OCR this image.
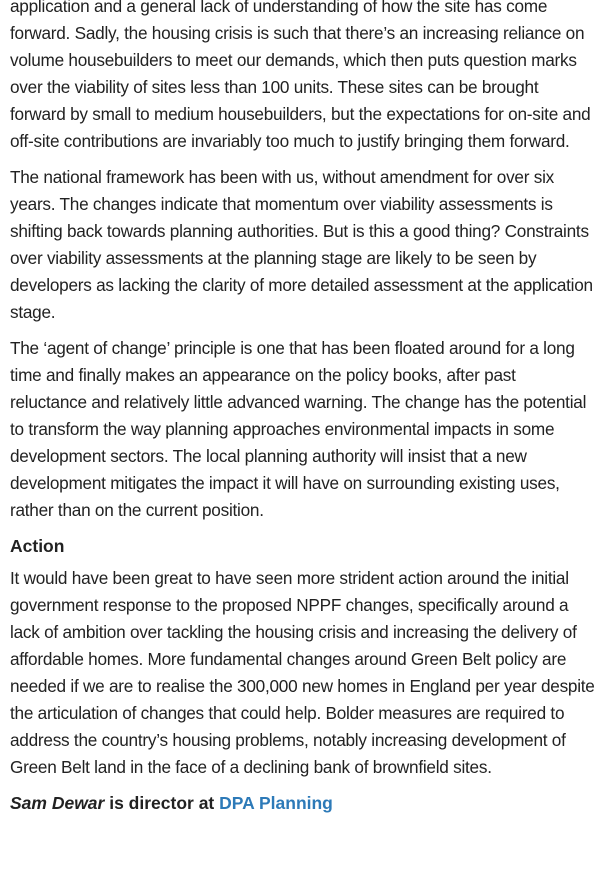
application and a general lack of understanding of how the site has come forward. Sadly, the housing crisis is such that there’s an increasing reliance on volume housebuilders to meet our demands, which then puts question marks over the viability of sites less than 100 units. These sites can be brought forward by small to medium housebuilders, but the expectations for on-site and off-site contributions are invariably too much to justify bringing them forward.

The national framework has been with us, without amendment for over six years. The changes indicate that momentum over viability assessments is shifting back towards planning authorities. But is this a good thing? Constraints over viability assessments at the planning stage are likely to be seen by developers as lacking the clarity of more detailed assessment at the application stage.

The ‘agent of change’ principle is one that has been floated around for a long time and finally makes an appearance on the policy books, after past reluctance and relatively little advanced warning. The change has the potential to transform the way planning approaches environmental impacts in some development sectors. The local planning authority will insist that a new development mitigates the impact it will have on surrounding existing uses, rather than on the current position.

Action

It would have been great to have seen more strident action around the initial government response to the proposed NPPF changes, specifically around a lack of ambition over tackling the housing crisis and increasing the delivery of affordable homes. More fundamental changes around Green Belt policy are needed if we are to realise the 300,000 new homes in England per year despite the articulation of changes that could help. Bolder measures are required to address the country’s housing problems, notably increasing development of Green Belt land in the face of a declining bank of brownfield sites.

Sam Dewar is director at DPA Planning
